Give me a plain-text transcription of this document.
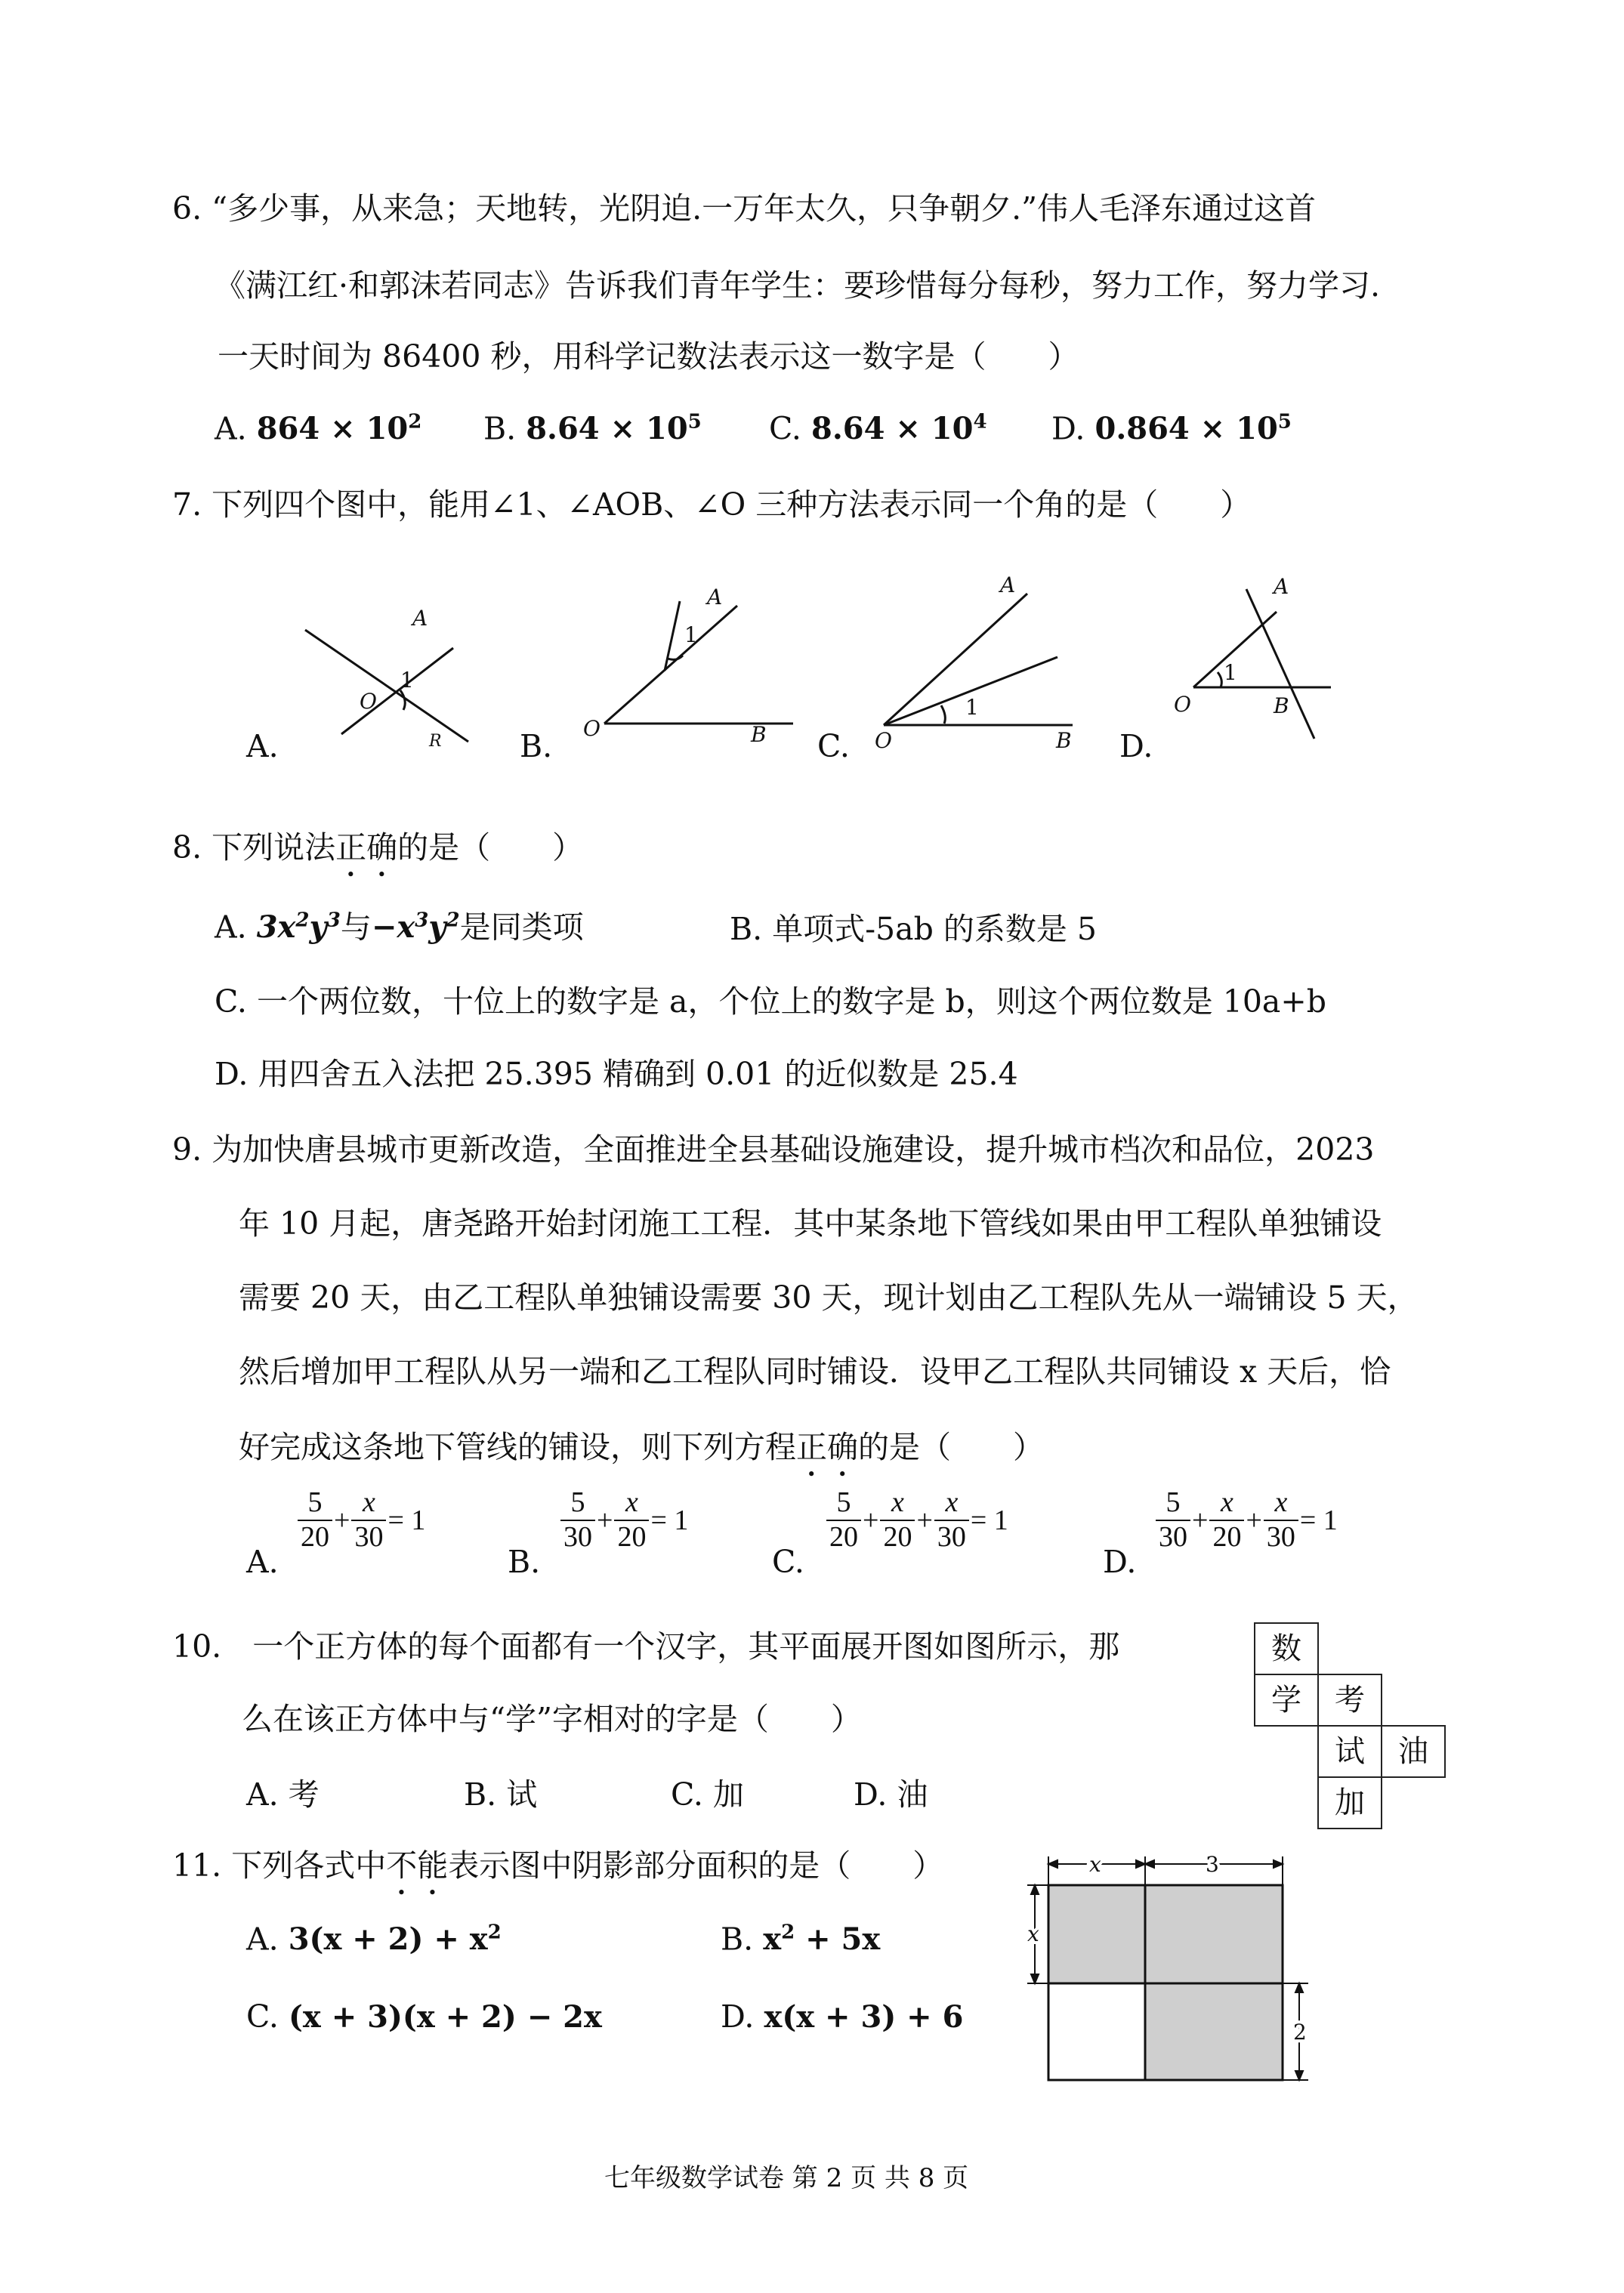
6. “多少事，从来急；天地转，光阴迫.一万年太久，只争朝夕.”伟人毛泽东通过这首
《满江红·和郭沫若同志》告诉我们青年学生：要珍惜每分每秒，努力工作，努力学习.
一天时间为 86400 秒，用科学记数法表示这一数字是（　　）
A. $864 \times 10^2$ B. $8.64 \times 10^5$ C. $8.64 \times 10^4$ D. $0.864 \times 10^5$
7. 下列四个图中，能用∠1、∠AOB、∠O 三种方法表示同一个角的是（　　）
A
1
O
R
A
1
O	B
A
1
O	B
A
1
O	B
A.	B.	C.	D.
8. 下列说法正确的是（　　）
A. $3x^2y^3$与$-x^3y^2$是同类项	B. 单项式-5ab 的系数是 5
C. 一个两位数，十位上的数字是 a，个位上的数字是 b，则这个两位数是 10a+b
D. 用四舍五入法把 25.395 精确到 0.01 的近似数是 25.4
9. 为加快唐县城市更新改造，全面推进全县基础设施建设，提升城市档次和品位，2023
年 10 月起，唐尧路开始封闭施工工程．其中某条地下管线如果由甲工程队单独铺设
需要 20 天，由乙工程队单独铺设需要 30 天，现计划由乙工程队先从一端铺设 5 天，
然后增加甲工程队从另一端和乙工程队同时铺设．设甲乙工程队共同铺设 x 天后，恰
好完成这条地下管线的铺设，则下列方程正确的是（　　）
A.
$\frac{5}{20} + \frac{x}{30} = 1$
B.
$\frac{5}{30} + \frac{x}{20} = 1$
C.
$\frac{5}{20} + \frac{x}{20} + \frac{x}{30} = 1$
D.
$\frac{5}{30} + \frac{x}{20} + \frac{x}{30} = 1$
10.　一个正方体的每个面都有一个汉字，其平面展开图如图所示，那
么在该正方体中与“学”字相对的字是（　　）
A. 考	B. 试	C. 加	D. 油
数
学	考
试	油
加
11. 下列各式中不能表示图中阴影部分面积的是（　　）
A. $3(x + 2) + x^2$	B. $x^2 + 5x$
C. (x + 3)(x + 2) − 2x	D. x(x + 3) + 6
x	3
x
2
七年级数学试卷 第 2 页 共 8 页
